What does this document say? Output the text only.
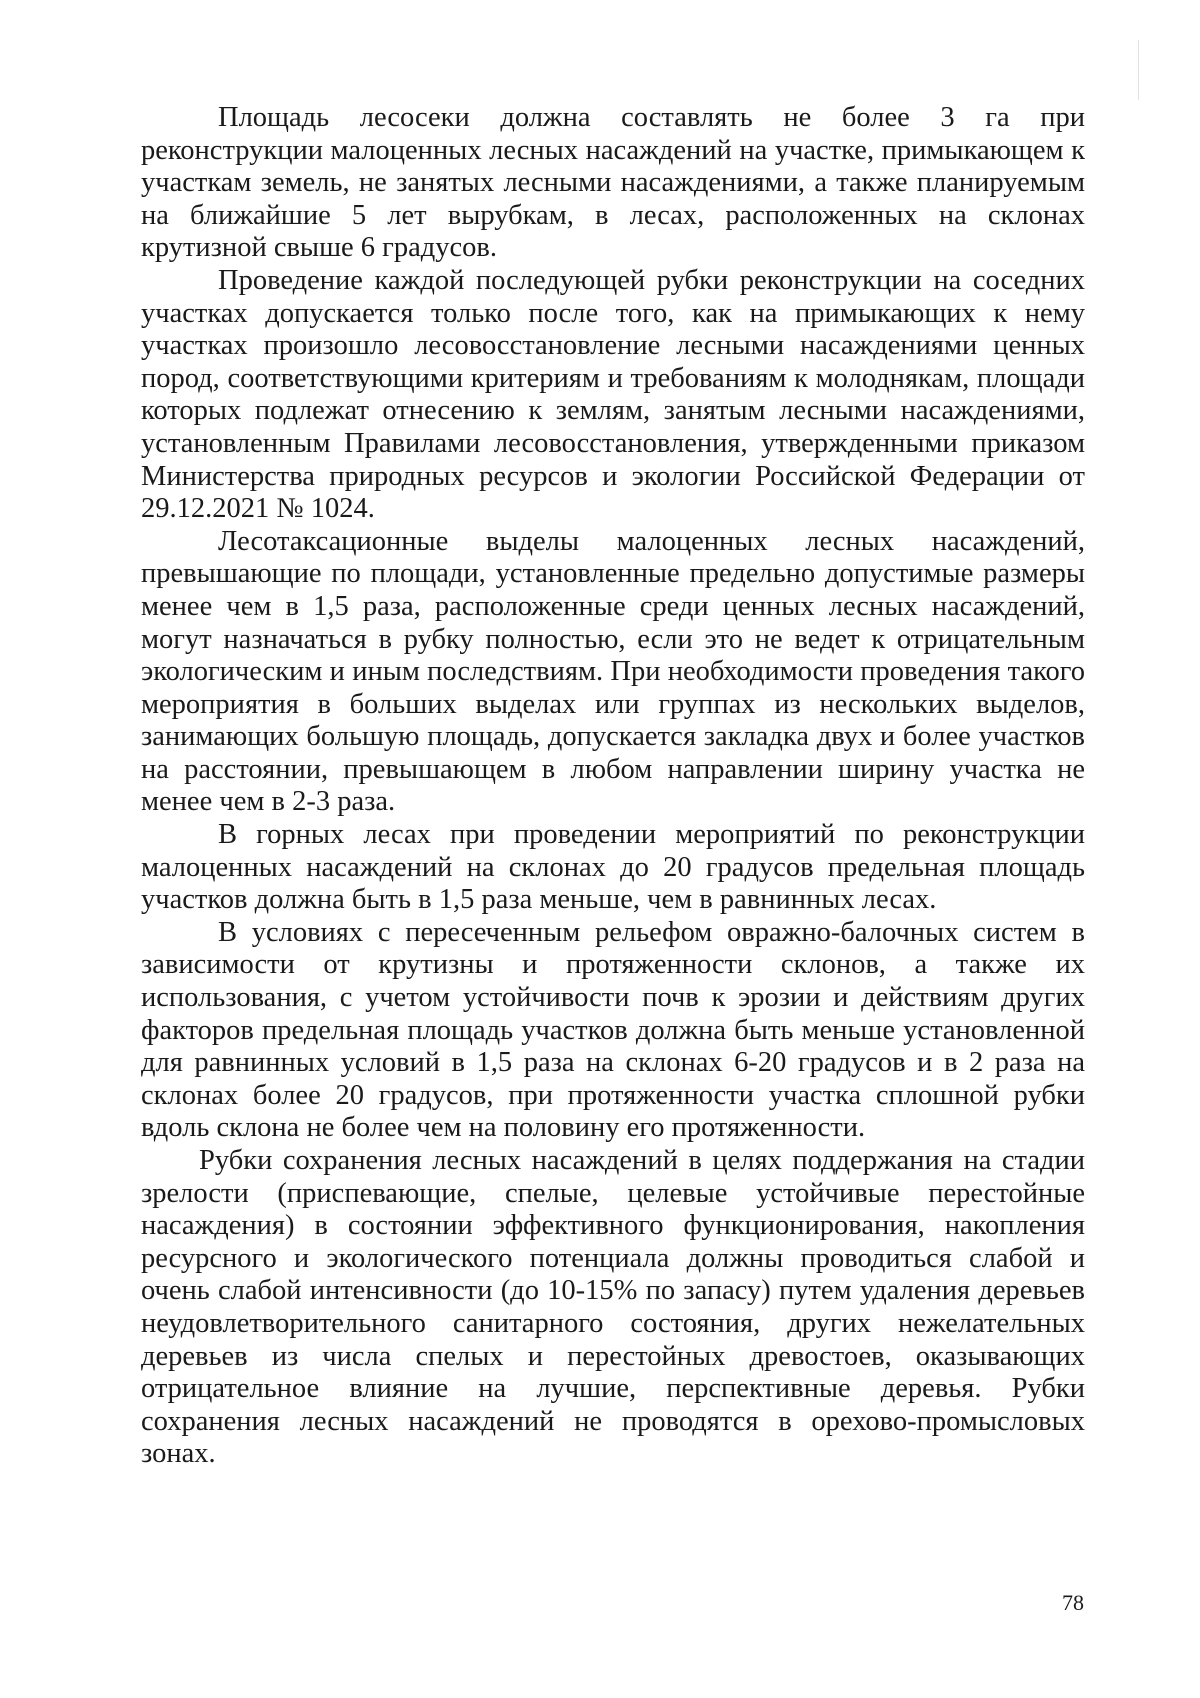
Площадь лесосеки должна составлять не более 3 га при реконструкции малоценных лесных насаждений на участке, примыкающем к участкам земель, не занятых лесными насаждениями, а также планируемым на ближайшие 5 лет вырубкам, в лесах, расположенных на склонах крутизной свыше 6 градусов.

Проведение каждой последующей рубки реконструкции на соседних участках допускается только после того, как на примыкающих к нему участках произошло лесовосстановление лесными насаждениями ценных пород, соответствующими критериям и требованиям к молоднякам, площади которых подлежат отнесению к землям, занятым лесными насаждениями, установленным Правилами лесовосстановления, утвержденными приказом Министерства природных ресурсов и экологии Российской Федерации от 29.12.2021 № 1024.

Лесотаксационные выделы малоценных лесных насаждений, превышающие по площади, установленные предельно допустимые размеры менее чем в 1,5 раза, расположенные среди ценных лесных насаждений, могут назначаться в рубку полностью, если это не ведет к отрицательным экологическим и иным последствиям. При необходимости проведения такого мероприятия в больших выделах или группах из нескольких выделов, занимающих большую площадь, допускается закладка двух и более участков на расстоянии, превышающем в любом направлении ширину участка не менее чем в 2-3 раза.

В горных лесах при проведении мероприятий по реконструкции малоценных насаждений на склонах до 20 градусов предельная площадь участков должна быть в 1,5 раза меньше, чем в равнинных лесах.

В условиях с пересеченным рельефом овражно-балочных систем в зависимости от крутизны и протяженности склонов, а также их использования, с учетом устойчивости почв к эрозии и действиям других факторов предельная площадь участков должна быть меньше установленной для равнинных условий в 1,5 раза на склонах 6-20 градусов и в 2 раза на склонах более 20 градусов, при протяженности участка сплошной рубки вдоль склона не более чем на половину его протяженности.

Рубки сохранения лесных насаждений в целях поддержания на стадии зрелости (приспевающие, спелые, целевые устойчивые перестойные насаждения) в состоянии эффективного функционирования, накопления ресурсного и экологического потенциала должны проводиться слабой и очень слабой интенсивности (до 10-15% по запасу) путем удаления деревьев неудовлетворительного санитарного состояния, других нежелательных деревьев из числа спелых и перестойных древостоев, оказывающих отрицательное влияние на лучшие, перспективные деревья. Рубки сохранения лесных насаждений не проводятся в орехово-промысловых зонах.

78
